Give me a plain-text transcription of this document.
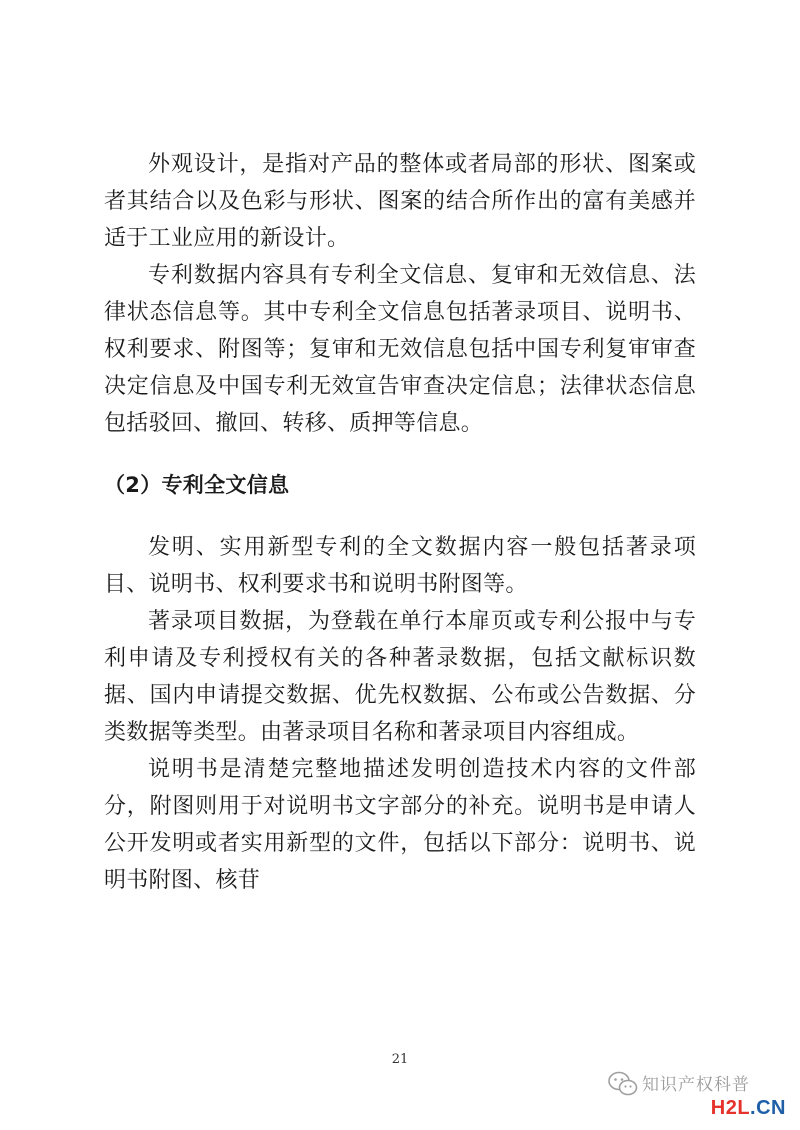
外观设计，是指对产品的整体或者局部的形状、图案或者其结合以及色彩与形状、图案的结合所作出的富有美感并适于工业应用的新设计。

专利数据内容具有专利全文信息、复审和无效信息、法律状态信息等。其中专利全文信息包括著录项目、说明书、权利要求、附图等；复审和无效信息包括中国专利复审审查决定信息及中国专利无效宣告审查决定信息；法律状态信息包括驳回、撤回、转移、质押等信息。

（2）专利全文信息

发明、实用新型专利的全文数据内容一般包括著录项目、说明书、权利要求书和说明书附图等。

著录项目数据，为登载在单行本扉页或专利公报中与专利申请及专利授权有关的各种著录数据，包括文献标识数据、国内申请提交数据、优先权数据、公布或公告数据、分类数据等类型。由著录项目名称和著录项目内容组成。

说明书是清楚完整地描述发明创造技术内容的文件部分，附图则用于对说明书文字部分的补充。说明书是申请人公开发明或者实用新型的文件，包括以下部分：说明书、说明书附图、核苷

21
知识产权科普
H2L.CN
